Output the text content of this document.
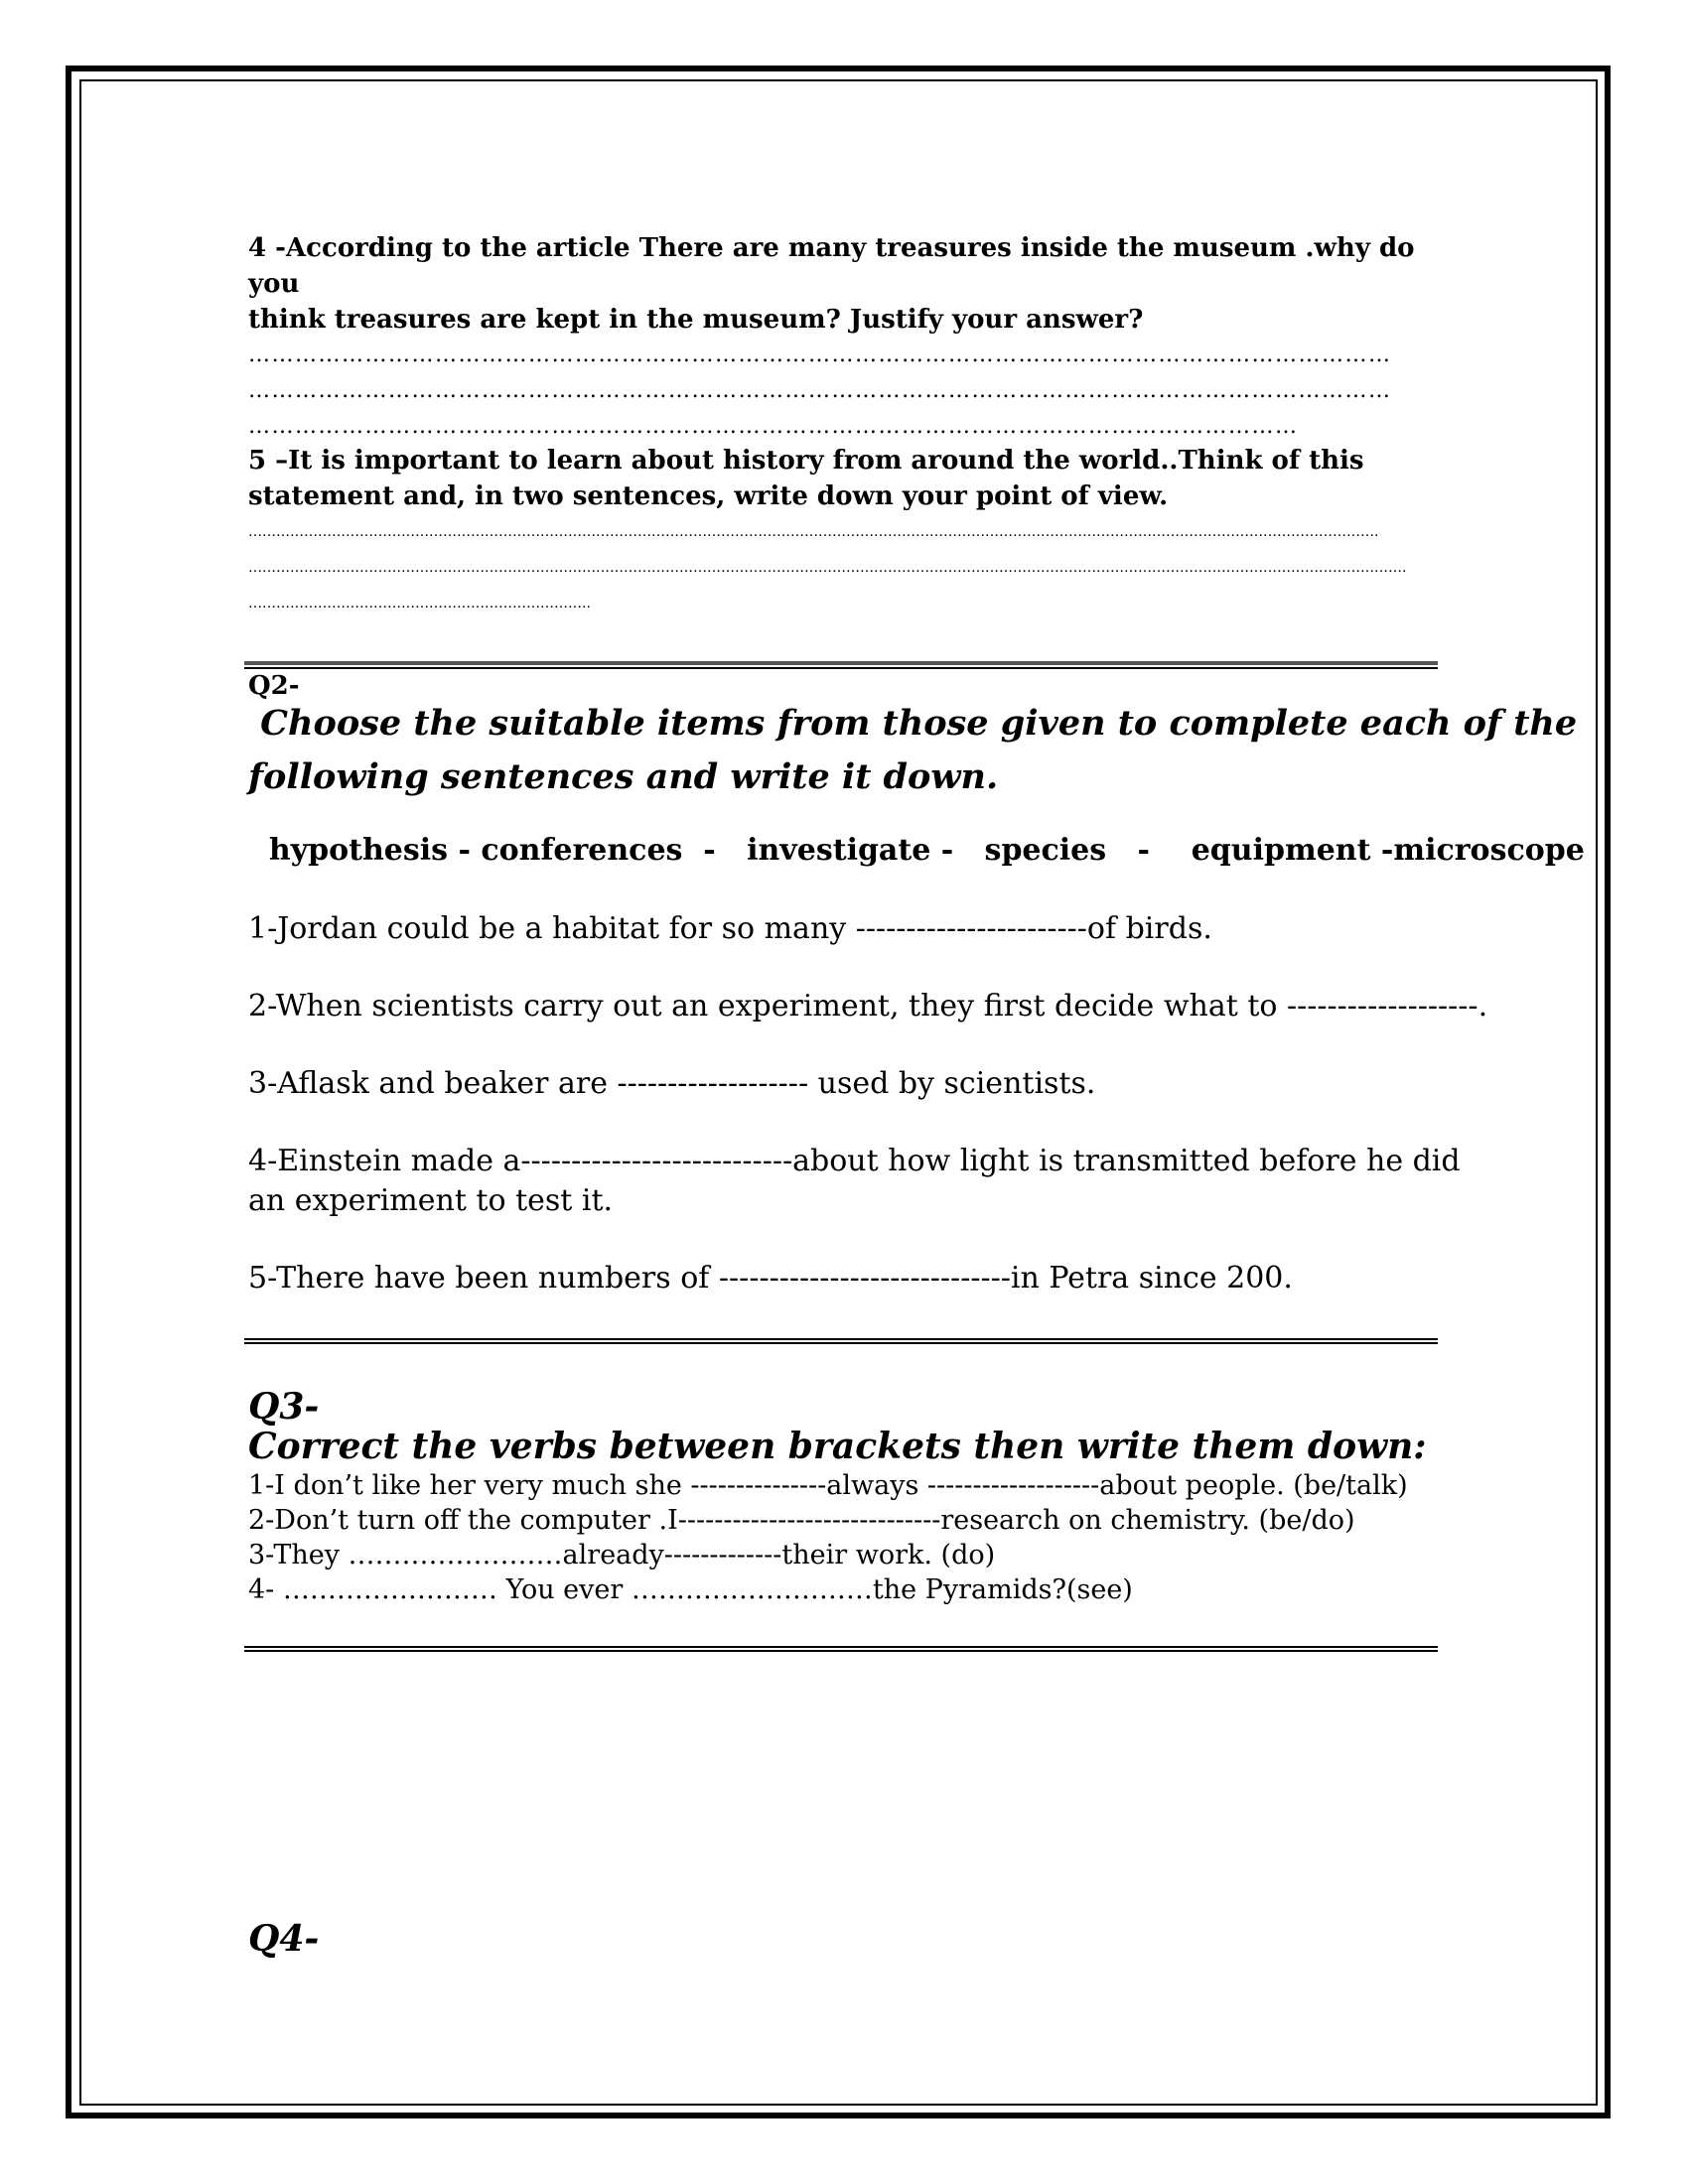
4 -According to the article There are many treasures inside the museum .why do you

think treasures are kept in the museum? Justify your answer?

…………………………………………………………………………………………………………………………………
…………………………………………………………………………………………………………………………………
………………………………………………………………………………………………………………………

5 –It is important to learn about history from around the world..Think of this

statement and, in two sentences, write down your point of view.

……………………………………………………………………………………………………………………………………………………………………………………………………………………….
…………………………………………………………………………………………………………………………………………………………………………………………………………………………….
………………………………………………………………..
Q2-
Choose the suitable items from those given to complete each of the
following sentences and write it down.
hypothesis - conferences  -   investigate -   species   -    equipment -microscope
1-Jordan could be a habitat for so many -----------------------of birds.
2-When scientists carry out an experiment, they first decide what to -------------------.
3-Aflask and beaker are ------------------- used by scientists.
4-Einstein made a---------------------------about how light is transmitted before he did
an experiment to test it.
5-There have been numbers of -----------------------------in Petra since 200.
Q3-
Correct the verbs between brackets then write them down:
1-I don’t like her very much she ---------------always -------------------about people. (be/talk)
2-Don’t turn off the computer .I-----------------------------research on chemistry. (be/do)
3-They ……………………already-------------their work. (do)
4- …………………… You ever ………………………the Pyramids?(see)
Q4-
